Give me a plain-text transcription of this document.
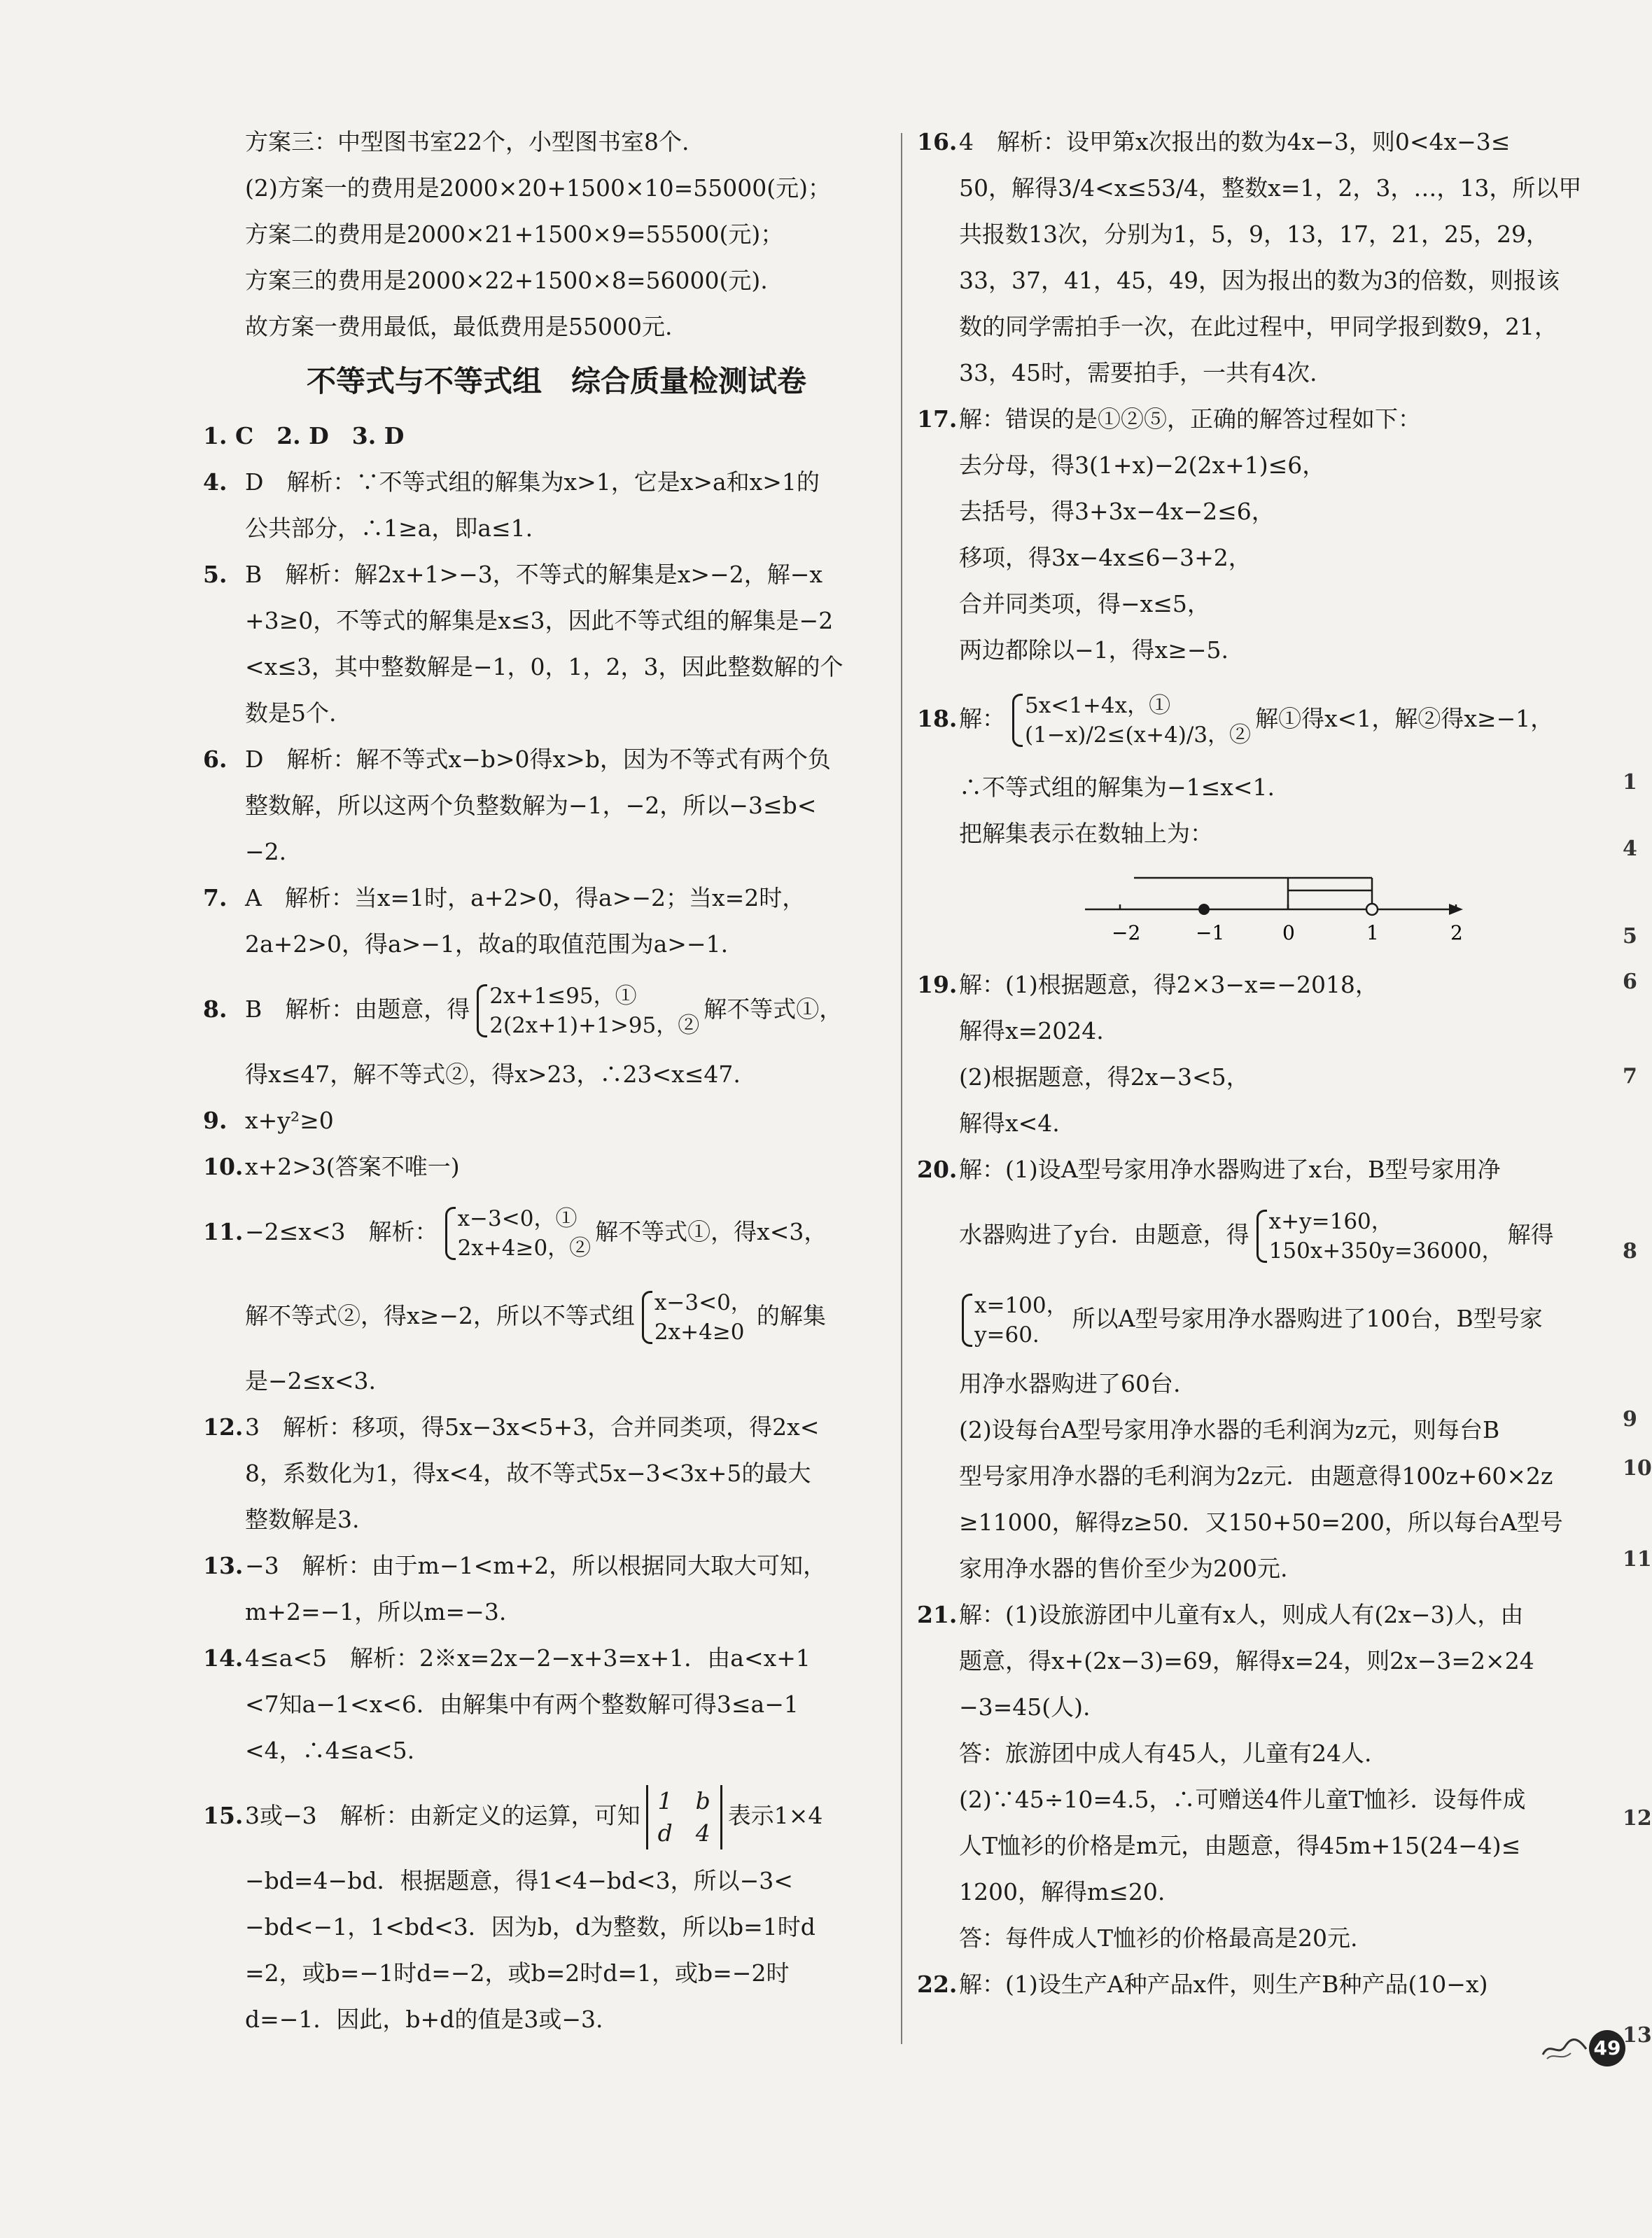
方案三：中型图书室22个，小型图书室8个.
(2)方案一的费用是2000×20+1500×10=55000(元)；
方案二的费用是2000×21+1500×9=55500(元)；
方案三的费用是2000×22+1500×8=56000(元).
故方案一费用最低，最低费用是55000元.
不等式与不等式组　综合质量检测试卷
1. C　2. D　3. D
4. D　解析：∵不等式组的解集为x>1，它是x>a和x>1的
公共部分，∴1≥a，即a≤1.
5. B　解析：解2x+1>−3，不等式的解集是x>−2，解−x
+3≥0，不等式的解集是x≤3，因此不等式组的解集是−2
<x≤3，其中整数解是−1，0，1，2，3，因此整数解的个
数是5个.
6. D　解析：解不等式x−b>0得x>b，因为不等式有两个负
整数解，所以这两个负整数解为−1，−2，所以−3≤b<
−2.
7. A　解析：当x=1时，a+2>0，得a>−2；当x=2时，
2a+2>0，得a>−1，故a的取值范围为a>−1.
8. B　解析：由题意，得 2x+1≤95，①
2(2x+1)+1>95，②
解不等式①，
得x≤47，解不等式②，得x>23，∴23<x≤47.
9. x+y²≥0
10. x+2>3(答案不唯一)
11. −2≤x<3　解析： x−3<0，①
2x+4≥0，②
解不等式①，得x<3，
解不等式②，得x≥−2，所以不等式组 x−3<0，
2x+4≥0
的解集
是−2≤x<3.
12. 3　解析：移项，得5x−3x<5+3，合并同类项，得2x<
8，系数化为1，得x<4，故不等式5x−3<3x+5的最大
整数解是3.
13. −3　解析：由于m−1<m+2，所以根据同大取大可知，
m+2=−1，所以m=−3.
14. 4≤a<5　解析：2※x=2x−2−x+3=x+1．由a<x+1
<7知a−1<x<6．由解集中有两个整数解可得3≤a−1
<4，∴4≤a<5.
15. 3或−3　解析：由新定义的运算，可知
1　b
d　4
表示1×4
−bd=4−bd．根据题意，得1<4−bd<3，所以−3<
−bd<−1，1<bd<3．因为b，d为整数，所以b=1时d
=2，或b=−1时d=−2，或b=2时d=1，或b=−2时
d=−1．因此，b+d的值是3或−3.
16. 4　解析：设甲第x次报出的数为4x−3，则0<4x−3≤
50，解得3/4<x≤53/4，整数x=1，2，3，…，13，所以甲
共报数13次，分别为1，5，9，13，17，21，25，29，
33，37，41，45，49，因为报出的数为3的倍数，则报该
数的同学需拍手一次，在此过程中，甲同学报到数9，21，
33，45时，需要拍手，一共有4次.
17. 解：错误的是①②⑤，正确的解答过程如下：
去分母，得3(1+x)−2(2x+1)≤6，
去括号，得3+3x−4x−2≤6，
移项，得3x−4x≤6−3+2，
合并同类项，得−x≤5，
两边都除以−1，得x≥−5.
18. 解： 5x<1+4x，①
(1−x)/2≤(x+4)/3，②
解①得x<1，解②得x≥−1，
∴不等式组的解集为−1≤x<1.
把解集表示在数轴上为：
−2	−1	0	1	2
19. 解：(1)根据题意，得2×3−x=−2018，
解得x=2024.
(2)根据题意，得2x−3<5，
解得x<4.
20. 解：(1)设A型号家用净水器购进了x台，B型号家用净
水器购进了y台．由题意，得 x+y=160，
150x+350y=36000，
解得
x=100，
y=60.
所以A型号家用净水器购进了100台，B型号家
用净水器购进了60台.
(2)设每台A型号家用净水器的毛利润为z元，则每台B
型号家用净水器的毛利润为2z元．由题意得100z+60×2z
≥11000，解得z≥50．又150+50=200，所以每台A型号
家用净水器的售价至少为200元.
21. 解：(1)设旅游团中儿童有x人，则成人有(2x−3)人，由
题意，得x+(2x−3)=69，解得x=24，则2x−3=2×24
−3=45(人).
答：旅游团中成人有45人，儿童有24人.
(2)∵45÷10=4.5，∴可赠送4件儿童T恤衫．设每件成
人T恤衫的价格是m元，由题意，得45m+15(24−4)≤
1200，解得m≤20.
答：每件成人T恤衫的价格最高是20元.
22. 解：(1)设生产A种产品x件，则生产B种产品(10−x)
1
4
5
6
7
8
9
10
11
12
13
49
